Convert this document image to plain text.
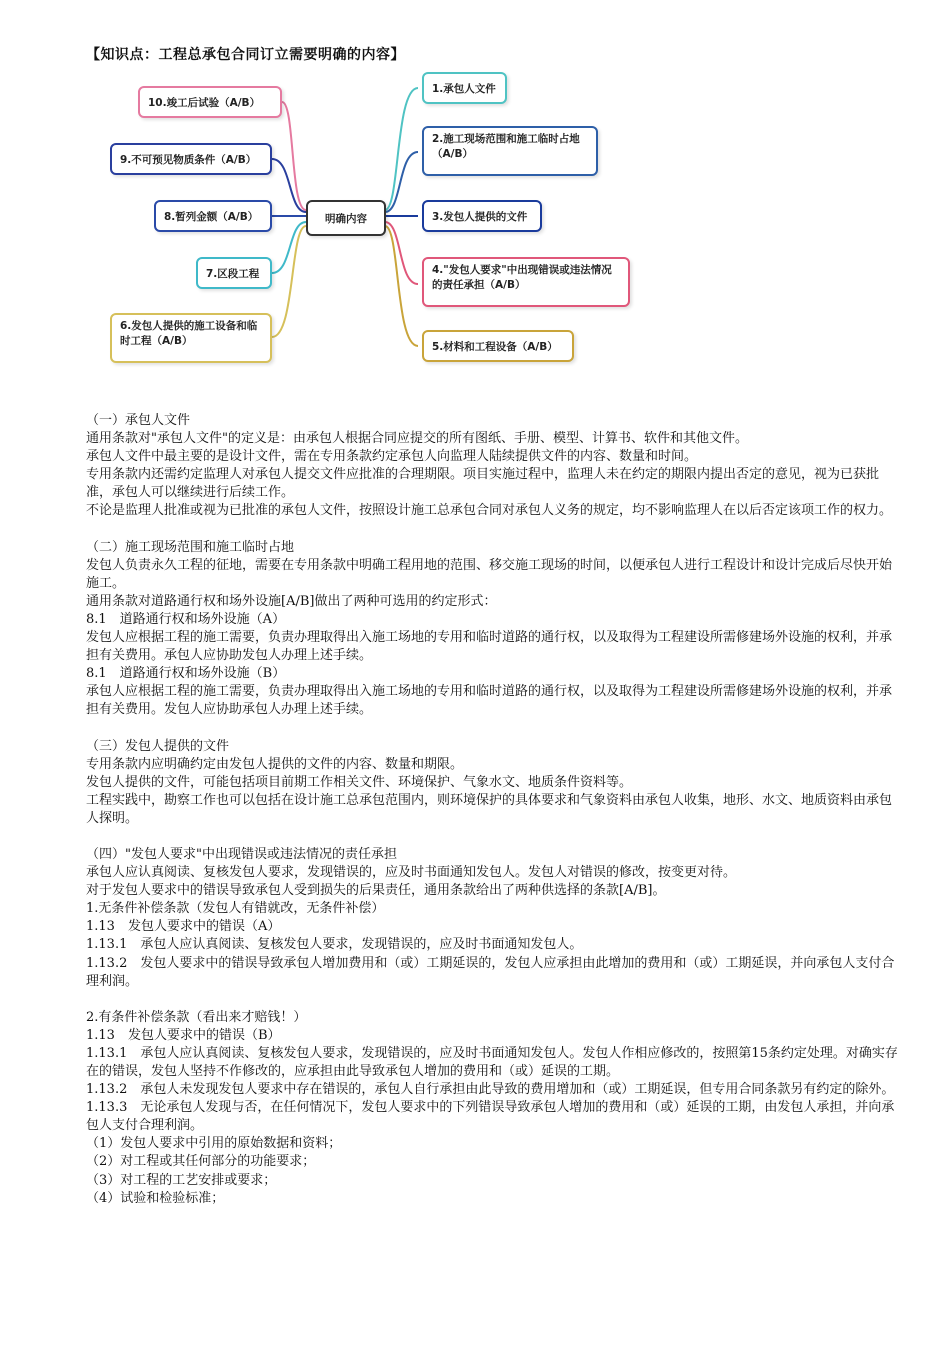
【知识点：工程总承包合同订立需要明确的内容】
明确内容
1.承包人文件
2.施工现场范围和施工临时占地（A/B）
3.发包人提供的文件
4."发包人要求"中出现错误或违法情况的责任承担（A/B）
5.材料和工程设备（A/B）
10.竣工后试验（A/B）
9.不可预见物质条件（A/B）
8.暂列金额（A/B）
7.区段工程
6.发包人提供的施工设备和临时工程（A/B）

（一）承包人文件

通用条款对"承包人文件"的定义是：由承包人根据合同应提交的所有图纸、手册、模型、计算书、软件和其他文件。

承包人文件中最主要的是设计文件，需在专用条款约定承包人向监理人陆续提供文件的内容、数量和时间。

专用条款内还需约定监理人对承包人提交文件应批准的合理期限。项目实施过程中，监理人未在约定的期限内提出否定的意见，视为已获批准，承包人可以继续进行后续工作。

不论是监理人批准或视为已批准的承包人文件，按照设计施工总承包合同对承包人义务的规定，均不影响监理人在以后否定该项工作的权力。

（二）施工现场范围和施工临时占地

发包人负责永久工程的征地，需要在专用条款中明确工程用地的范围、移交施工现场的时间，以便承包人进行工程设计和设计完成后尽快开始施工。

通用条款对道路通行权和场外设施[A/B]做出了两种可选用的约定形式：

8.1　道路通行权和场外设施（A）

发包人应根据工程的施工需要，负责办理取得出入施工场地的专用和临时道路的通行权，以及取得为工程建设所需修建场外设施的权利，并承担有关费用。承包人应协助发包人办理上述手续。

8.1　道路通行权和场外设施（B）

承包人应根据工程的施工需要，负责办理取得出入施工场地的专用和临时道路的通行权，以及取得为工程建设所需修建场外设施的权利，并承担有关费用。发包人应协助承包人办理上述手续。

（三）发包人提供的文件

专用条款内应明确约定由发包人提供的文件的内容、数量和期限。

发包人提供的文件，可能包括项目前期工作相关文件、环境保护、气象水文、地质条件资料等。

工程实践中，勘察工作也可以包括在设计施工总承包范围内，则环境保护的具体要求和气象资料由承包人收集，地形、水文、地质资料由承包人探明。

（四）"发包人要求"中出现错误或违法情况的责任承担

承包人应认真阅读、复核发包人要求，发现错误的，应及时书面通知发包人。发包人对错误的修改，按变更对待。

对于发包人要求中的错误导致承包人受到损失的后果责任，通用条款给出了两种供选择的条款[A/B]。

1.无条件补偿条款（发包人有错就改，无条件补偿）

1.13　发包人要求中的错误（A）

1.13.1　承包人应认真阅读、复核发包人要求，发现错误的，应及时书面通知发包人。

1.13.2　发包人要求中的错误导致承包人增加费用和（或）工期延误的，发包人应承担由此增加的费用和（或）工期延误，并向承包人支付合理利润。

2.有条件补偿条款（看出来才赔钱！）

1.13　发包人要求中的错误（B）

1.13.1　承包人应认真阅读、复核发包人要求，发现错误的，应及时书面通知发包人。发包人作相应修改的，按照第15条约定处理。对确实存在的错误，发包人坚持不作修改的，应承担由此导致承包人增加的费用和（或）延误的工期。

1.13.2　承包人未发现发包人要求中存在错误的，承包人自行承担由此导致的费用增加和（或）工期延误，但专用合同条款另有约定的除外。

1.13.3　无论承包人发现与否，在任何情况下，发包人要求中的下列错误导致承包人增加的费用和（或）延误的工期，由发包人承担，并向承包人支付合理利润。

（1）发包人要求中引用的原始数据和资料；

（2）对工程或其任何部分的功能要求；

（3）对工程的工艺安排或要求；

（4）试验和检验标准；
